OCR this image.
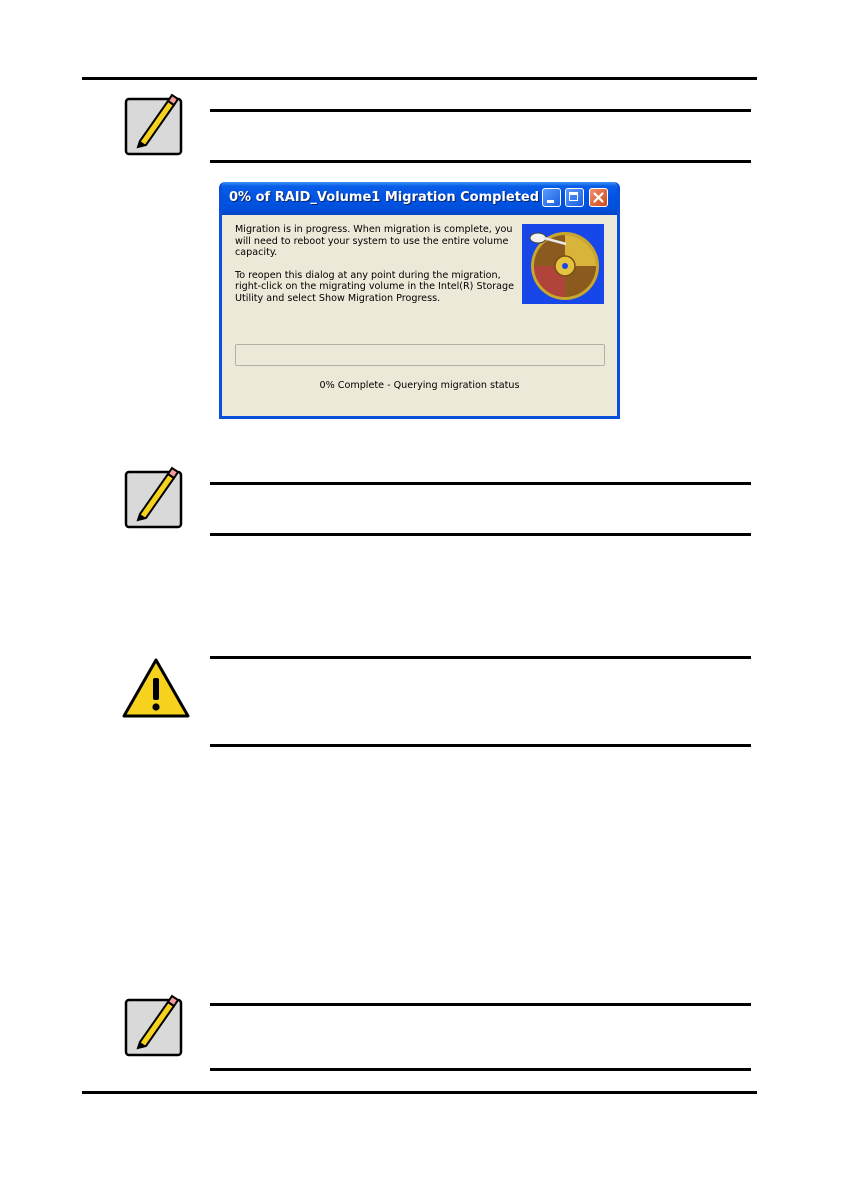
0% of RAID_Volume1 Migration Completed

Migration is in progress. When migration is complete, you will need to reboot your system to use the entire volume capacity.

To reopen this dialog at any point during the migration, right-click on the migrating volume in the Intel(R) Storage Utility and select Show Migration Progress.

0% Complete - Querying migration status
